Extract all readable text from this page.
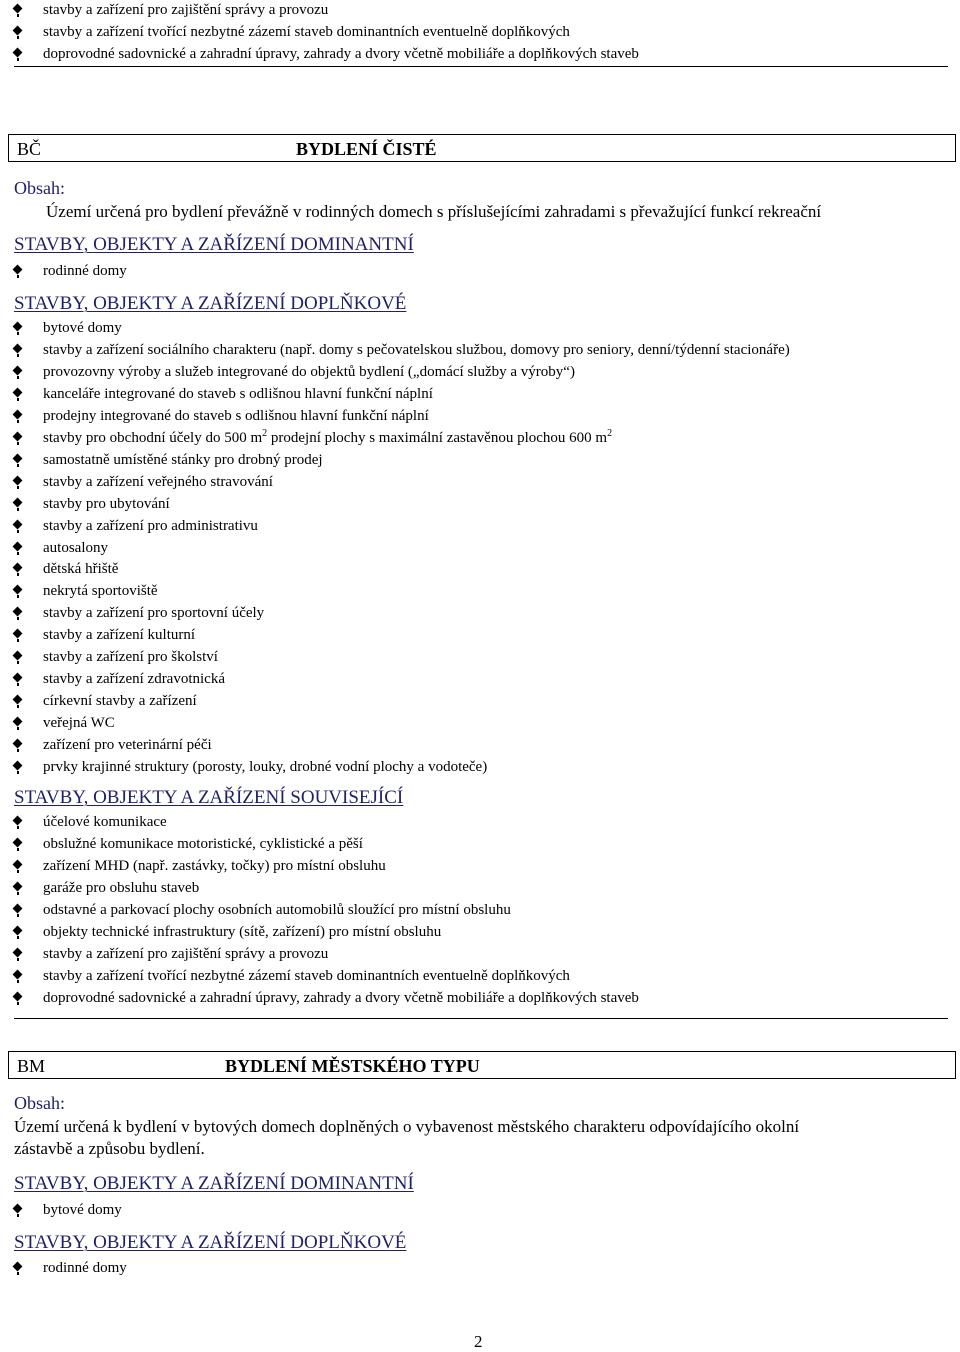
stavby a zařízení pro zajištění správy a provozu
stavby a zařízení tvořící nezbytné zázemí staveb dominantních eventuelně doplňkových
doprovodné sadovnické a zahradní úpravy, zahrady a dvory včetně mobiliáře a doplňkových staveb
BČ	BYDLENÍ ČISTÉ
Obsah:
Území určená pro bydlení převážně v rodinných domech s příslušejícími zahradami s převažující funkcí rekreační
STAVBY, OBJEKTY A ZAŘÍZENÍ DOMINANTNÍ
rodinné domy
STAVBY, OBJEKTY A ZAŘÍZENÍ DOPLŇKOVÉ
bytové domy
stavby a zařízení sociálního charakteru (např. domy s pečovatelskou službou, domovy pro seniory, denní/týdenní stacionáře)
provozovny výroby a služeb integrované do objektů bydlení („domácí služby a výroby“)
kanceláře integrované do staveb s odlišnou hlavní funkční náplní
prodejny integrované do staveb s odlišnou hlavní funkční náplní
stavby pro obchodní účely do 500 $m^2$ prodejní plochy s maximální zastavěnou plochou 600 $m^2$
samostatně umístěné stánky pro drobný prodej
stavby a zařízení veřejného stravování
stavby pro ubytování
stavby a zařízení pro administrativu
autosalony
dětská hřiště
nekrytá sportoviště
stavby a zařízení pro sportovní účely
stavby a zařízení kulturní
stavby a zařízení pro školství
stavby a zařízení zdravotnická
církevní stavby a zařízení
veřejná WC
zařízení pro veterinární péči
prvky krajinné struktury (porosty, louky, drobné vodní plochy a vodoteče)
STAVBY, OBJEKTY A ZAŘÍZENÍ SOUVISEJÍCÍ
účelové komunikace
obslužné komunikace motoristické, cyklistické a pěší
zařízení MHD (např. zastávky, točky) pro místní obsluhu
garáže pro obsluhu staveb
odstavné a parkovací plochy osobních automobilů sloužící pro místní obsluhu
objekty technické infrastruktury (sítě, zařízení) pro místní obsluhu
stavby a zařízení pro zajištění správy a provozu
stavby a zařízení tvořící nezbytné zázemí staveb dominantních eventuelně doplňkových
doprovodné sadovnické a zahradní úpravy, zahrady a dvory včetně mobiliáře a doplňkových staveb
BM	BYDLENÍ MĚSTSKÉHO TYPU
Obsah:
Území určená k bydlení v bytových domech doplněných o vybavenost městského charakteru odpovídajícího okolní
zástavbě a způsobu bydlení.
STAVBY, OBJEKTY A ZAŘÍZENÍ DOMINANTNÍ
bytové domy
STAVBY, OBJEKTY A ZAŘÍZENÍ DOPLŇKOVÉ
rodinné domy
2
